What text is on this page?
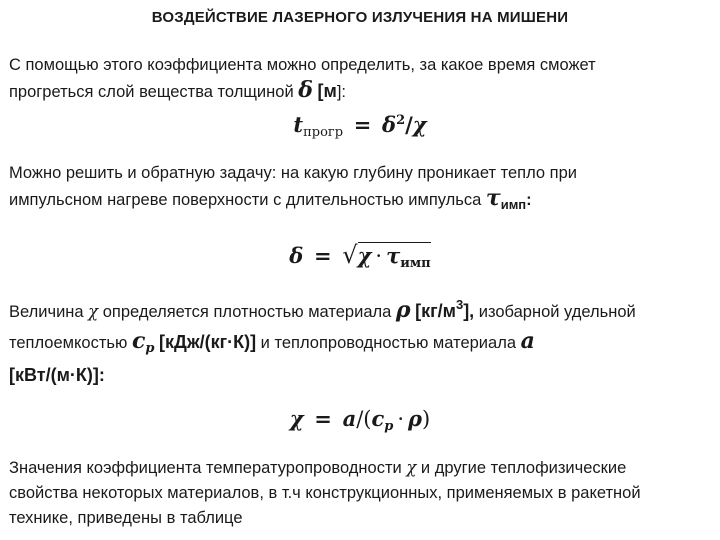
ВОЗДЕЙСТВИЕ ЛАЗЕРНОГО ИЗЛУЧЕНИЯ НА МИШЕНИ
С помощью этого коэффициента можно определить, за какое время сможет
прогреться слой вещества толщиной δ [м]:
$t_{прогр} = \delta^2/\chi$
Можно решить и обратную задачу: на какую глубину проникает тепло при
импульсном нагреве поверхности с длительностью импульса $\tau_{имп}$:
δ = √χ · τимп
Величина χ определяется плотностью материала ρ $[кг/м^3]$, изобарной удельной
теплоемкостью $c_p$ [кДж/(кг·К)] и теплопроводностью материала a
[кВт/(м·К)]:
χ = a/(cp · ρ)
Значения коэффициента температуропроводности χ и другие теплофизические
свойства некоторых материалов, в т.ч конструкционных, применяемых в ракетной
технике, приведены в таблице
